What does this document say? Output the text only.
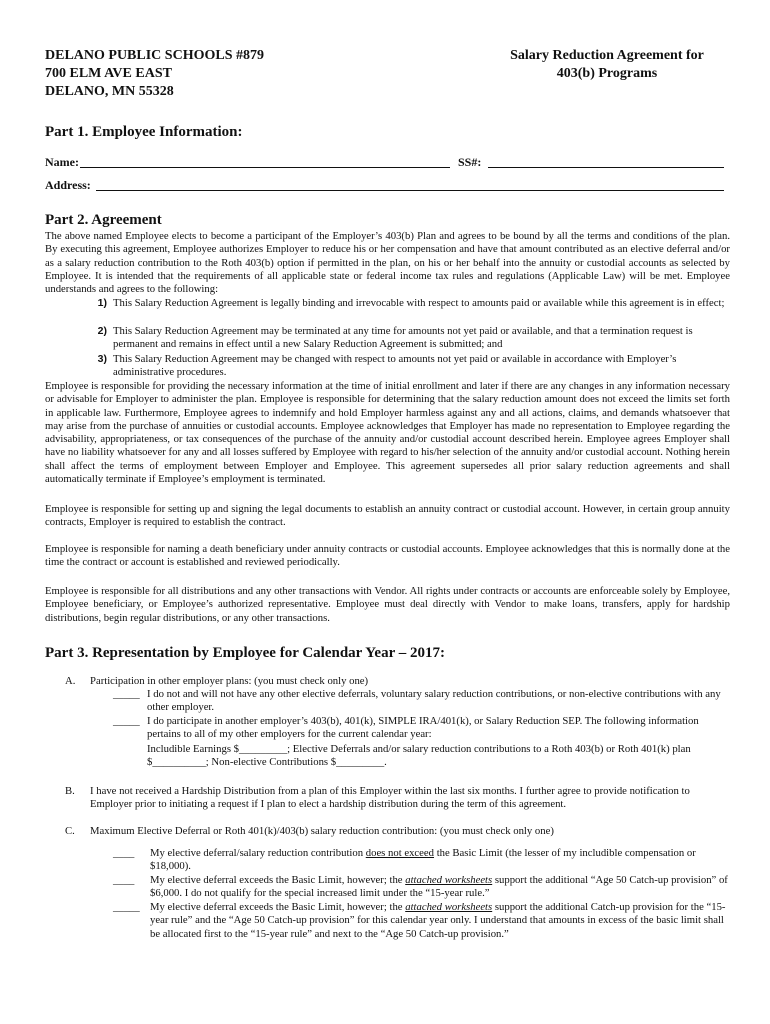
DELANO PUBLIC SCHOOLS #879
700 ELM AVE EAST
DELANO, MN 55328
Salary Reduction Agreement for
403(b) Programs
Part 1. Employee Information:
Name:	SS#:
Address:
Part 2. Agreement

The above named Employee elects to become a participant of the Employer’s 403(b) Plan and agrees to be bound by all the terms and conditions of the plan. By executing this agreement, Employee authorizes Employer to reduce his or her compensation and have that amount contributed as an elective deferral and/or as a salary reduction contribution to the Roth 403(b) option if permitted in the plan, on his or her behalf into the annuity or custodial accounts as selected by Employee. It is intended that the requirements of all applicable state or federal income tax rules and regulations (Applicable Law) will be met. Employee understands and agrees to the following:

1) This Salary Reduction Agreement is legally binding and irrevocable with respect to amounts paid or available while this agreement is in effect;
2) This Salary Reduction Agreement may be terminated at any time for amounts not yet paid or available, and that a termination request is permanent and remains in effect until a new Salary Reduction Agreement is submitted; and
3) This Salary Reduction Agreement may be changed with respect to amounts not yet paid or available in accordance with Employer’s administrative procedures.

Employee is responsible for providing the necessary information at the time of initial enrollment and later if there are any changes in any information necessary or advisable for Employer to administer the plan. Employee is responsible for determining that the salary reduction amount does not exceed the limits set forth in applicable law. Furthermore, Employee agrees to indemnify and hold Employer harmless against any and all actions, claims, and demands whatsoever that may arise from the purchase of annuities or custodial accounts. Employee acknowledges that Employer has made no representation to Employee regarding the advisability, appropriateness, or tax consequences of the purchase of the annuity and/or custodial account described herein. Employee agrees Employer shall have no liability whatsoever for any and all losses suffered by Employee with regard to his/her selection of the annuity and/or custodial account. Nothing herein shall affect the terms of employment between Employer and Employee. This agreement supersedes all prior salary reduction agreements and shall automatically terminate if Employee’s employment is terminated.

Employee is responsible for setting up and signing the legal documents to establish an annuity contract or custodial account. However, in certain group annuity contracts, Employer is required to establish the contract.

Employee is responsible for naming a death beneficiary under annuity contracts or custodial accounts. Employee acknowledges that this is normally done at the time the contract or account is established and reviewed periodically.

Employee is responsible for all distributions and any other transactions with Vendor. All rights under contracts or accounts are enforceable solely by Employee, Employee beneficiary, or Employee’s authorized representative. Employee must deal directly with Vendor to make loans, transfers, apply for hardship distributions, begin regular distributions, or any other transactions.

Part 3. Representation by Employee for Calendar Year – 2017:
A. Participation in other employer plans: (you must check only one)
_____ I do not and will not have any other elective deferrals, voluntary salary reduction contributions, or non-elective contributions with any other employer.
_____ I do participate in another employer’s 403(b), 401(k), SIMPLE IRA/401(k), or Salary Reduction SEP. The following information pertains to all of my other employers for the current calendar year:
Includible Earnings $_________; Elective Deferrals and/or salary reduction contributions to a Roth 403(b) or Roth 401(k) plan $__________; Non-elective Contributions $_________.
B. I have not received a Hardship Distribution from a plan of this Employer within the last six months. I further agree to provide notification to Employer prior to initiating a request if I plan to elect a hardship distribution during the term of this agreement.
C. Maximum Elective Deferral or Roth 401(k)/403(b) salary reduction contribution: (you must check only one)
____ My elective deferral/salary reduction contribution does not exceed the Basic Limit (the lesser of my includible compensation or $18,000).
____ My elective deferral exceeds the Basic Limit, however; the attached worksheets support the additional “Age 50 Catch-up provision” of $6,000. I do not qualify for the special increased limit under the “15-year rule.”
_____ My elective deferral exceeds the Basic Limit, however; the attached worksheets support the additional Catch-up provision for the “15-year rule” and the “Age 50 Catch-up provision” for this calendar year only. I understand that amounts in excess of the basic limit shall be allocated first to the “15-year rule” and next to the “Age 50 Catch-up provision.”
